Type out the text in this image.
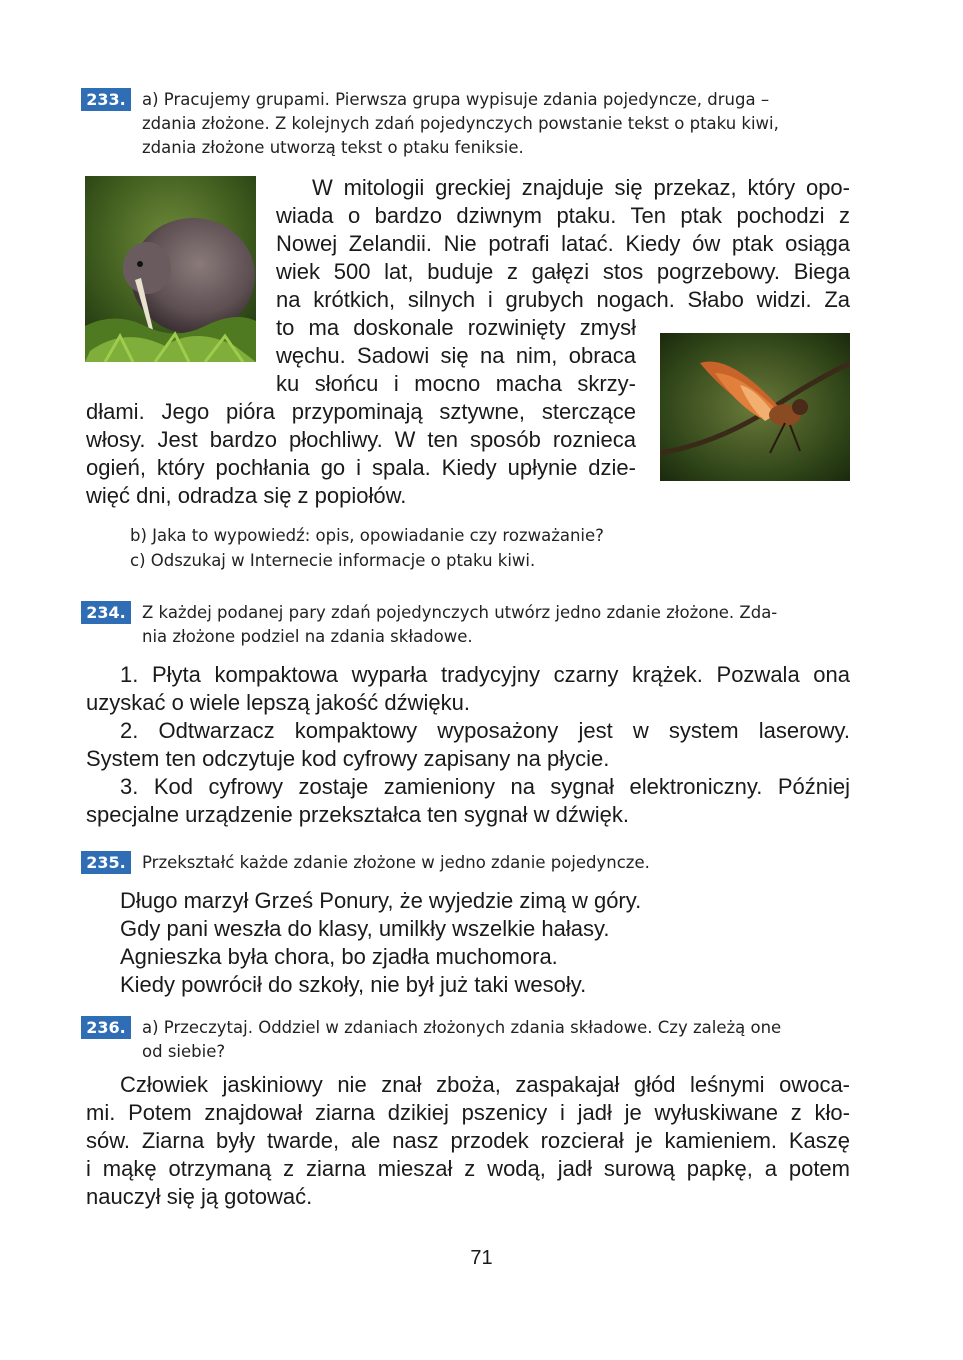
233. a) Pracujemy grupami. Pierwsza grupa wypisuje zdania pojedyncze, druga –
zdania złożone. Z kolejnych zdań pojedynczych powstanie tekst o ptaku kiwi,
zdania złożone utworzą tekst o ptaku feniksie.
W mitologii greckiej znajduje się przekaz, który opo-
wiada o bardzo dziwnym ptaku. Ten ptak pochodzi z
Nowej Zelandii. Nie potrafi latać. Kiedy ów ptak osiąga
wiek 500 lat, buduje z gałęzi stos pogrzebowy. Biega
na krótkich, silnych i grubych nogach. Słabo widzi. Za
to ma doskonale rozwinięty zmysł
węchu. Sadowi się na nim, obraca
ku słońcu i mocno macha skrzy-
dłami. Jego pióra przypominają sztywne, sterczące
włosy. Jest bardzo płochliwy. W ten sposób roznieca
ogień, który pochłania go i spala. Kiedy upłynie dzie-
więć dni, odradza się z popiołów.
b) Jaka to wypowiedź: opis, opowiadanie czy rozważanie?
c) Odszukaj w Internecie informacje o ptaku kiwi.
234. Z każdej podanej pary zdań pojedynczych utwórz jedno zdanie złożone. Zda-
nia złożone podziel na zdania składowe.
1. Płyta kompaktowa wyparła tradycyjny czarny krążek. Pozwala ona
uzyskać o wiele lepszą jakość dźwięku.
2. Odtwarzacz kompaktowy wyposażony jest w system laserowy.
System ten odczytuje kod cyfrowy zapisany na płycie.
3. Kod cyfrowy zostaje zamieniony na sygnał elektroniczny. Później
specjalne urządzenie przekształca ten sygnał w dźwięk.
235. Przekształć każde zdanie złożone w jedno zdanie pojedyncze.
Długo marzył Grześ Ponury, że wyjedzie zimą w góry.
Gdy pani weszła do klasy, umilkły wszelkie hałasy.
Agnieszka była chora, bo zjadła muchomora.
Kiedy powrócił do szkoły, nie był już taki wesoły.
236. a) Przeczytaj. Oddziel w zdaniach złożonych zdania składowe. Czy zależą one
od siebie?
Człowiek jaskiniowy nie znał zboża, zaspakajał głód leśnymi owoca-
mi. Potem znajdował ziarna dzikiej pszenicy i jadł je wyłuskiwane z kło-
sów. Ziarna były twarde, ale nasz przodek rozcierał je kamieniem. Kaszę
i mąkę otrzymaną z ziarna mieszał z wodą, jadł surową papkę, a potem
nauczył się ją gotować.
71
